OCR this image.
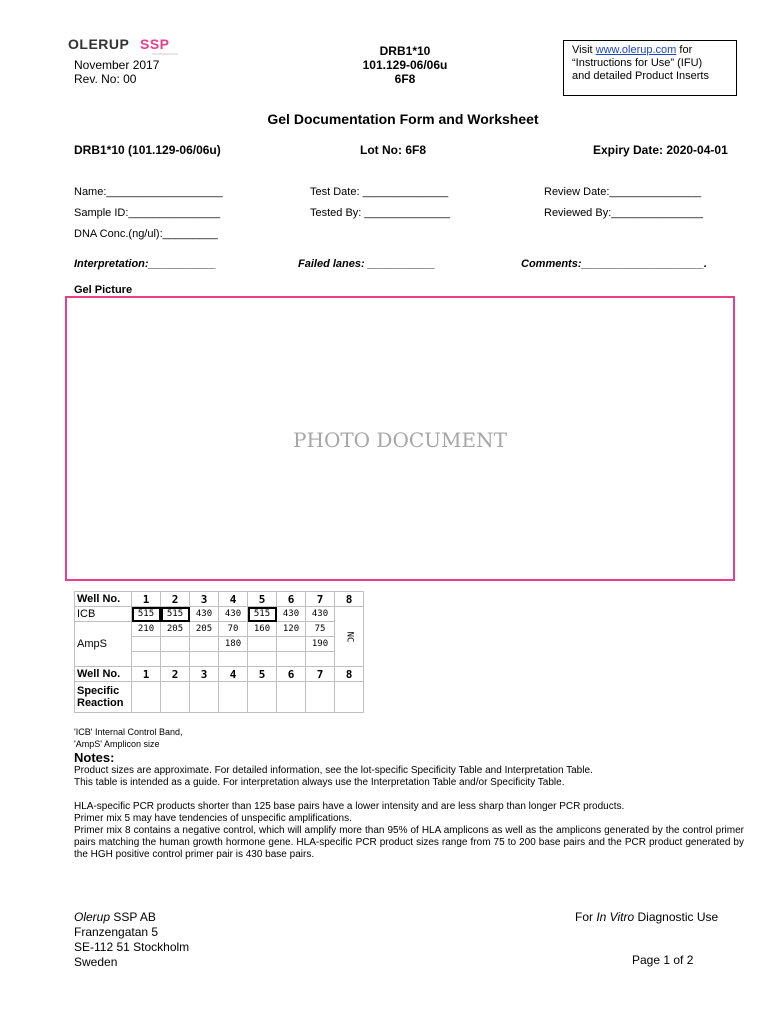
OLERUP SSP
November 2017
Rev. No: 00
DRB1*10
101.129-06/06u
6F8
Visit www.olerup.com for
“Instructions for Use” (IFU)
and detailed Product Inserts
Gel Documentation Form and Worksheet
DRB1*10 (101.129-06/06u)	Lot No: 6F8	Expiry Date: 2020-04-01
Name:___________________
Sample ID:_______________
DNA Conc.(ng/ul):_________
Test Date: ______________
Tested By: ______________
Review Date:_______________
Reviewed By:_______________
Interpretation:___________	Failed lanes: ___________	Comments:____________________.
Gel Picture
PHOTO DOCUMENT
Well No.	1	2	3	4	5	6	7	8
ICB	515	515	430	430	515	430	430	NC
AmpS	210	205	205	70	160	120	75	
				180			190	

Well No.	1	2	3	4	5	6	7	8

Specific
Reaction								

'ICB' Internal Control Band,
'AmpS' Amplicon size
Notes:

Product sizes are approximate. For detailed information, see the lot-specific Specificity Table and Interpretation Table.

This table is intended as a guide. For interpretation always use the Interpretation Table and/or Specificity Table.

HLA-specific PCR products shorter than 125 base pairs have a lower intensity and are less sharp than longer PCR products.

Primer mix 5 may have tendencies of unspecific amplifications.

Primer mix 8 contains a negative control, which will amplify more than 95% of HLA amplicons as well as the amplicons generated by the control primer pairs matching the human growth hormone gene. HLA-specific PCR product sizes range from 75 to 200 base pairs and the PCR product generated by the HGH positive control primer pair is 430 base pairs.

Olerup SSP AB
Franzengatan 5
SE-112 51 Stockholm
Sweden
For In Vitro Diagnostic Use
Page 1 of 2
